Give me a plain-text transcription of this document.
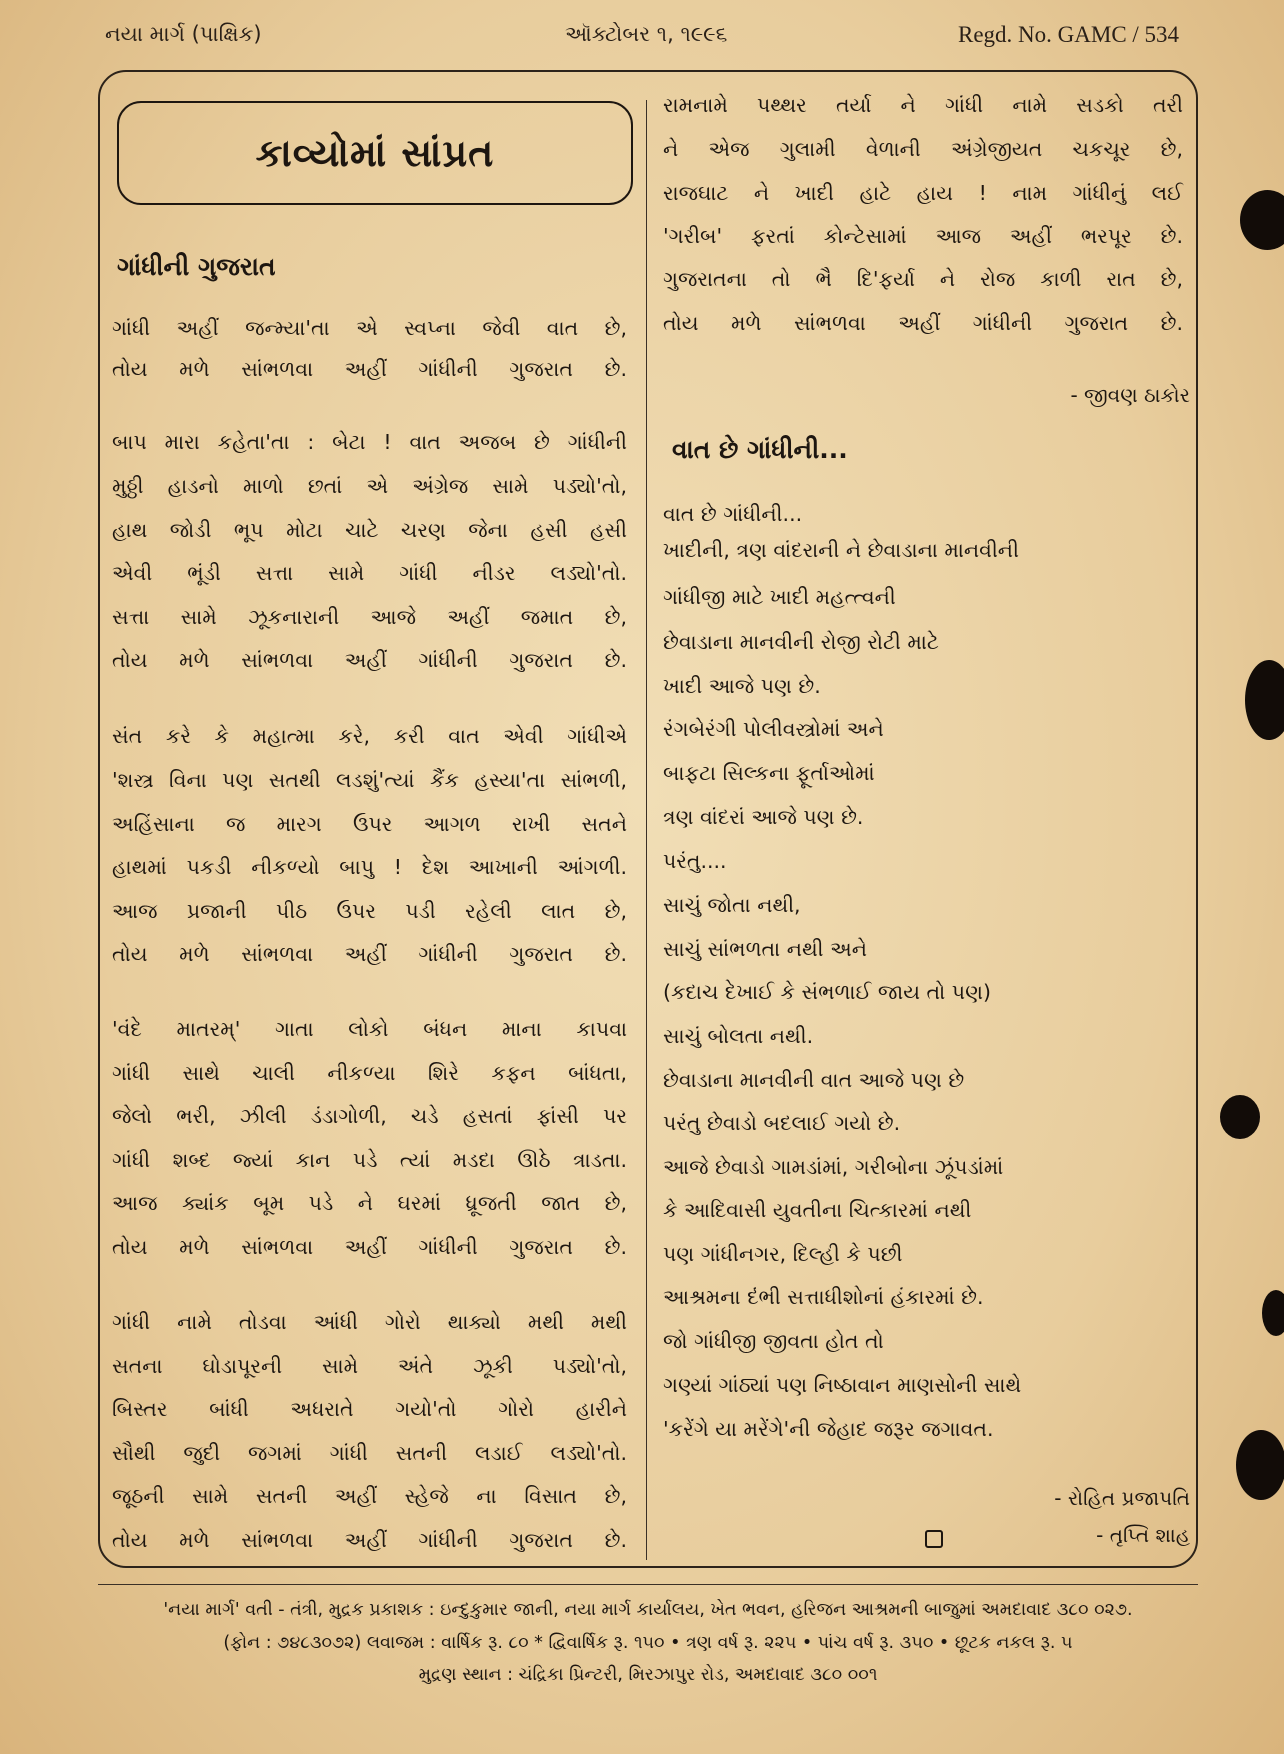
નયા માર્ગ (પાક્ષિક)	ઑક્ટોબર ૧, ૧૯૯૬	Regd. No. GAMC / 534
કાવ્યોમાં સાંપ્રત
ગાંધીની ગુજરાત
ગાંધી અહીં જન્મ્યા'તા એ સ્વપ્ના જેવી વાત છે,
તોય મળે સાંભળવા અહીં ગાંધીની ગુજરાત છે.
બાપ મારા કહેતા'તા : બેટા ! વાત અજબ છે ગાંધીની
મુઠ્ઠી હાડનો માળો છતાં એ અંગ્રેજ સામે પડ્યો'તો,
હાથ જોડી ભૂપ મોટા ચાટે ચરણ જેના હસી હસી
એવી ભૂંડી સત્તા સામે ગાંધી નીડર લડ્યો'તો.
સત્તા સામે ઝૂકનારાની આજે અહીં જમાત છે,
તોય મળે સાંભળવા અહીં ગાંધીની ગુજરાત છે.
સંત કરે કે મહાત્મા કરે, કરી વાત એવી ગાંધીએ
'શસ્ત્ર વિના પણ સતથી લડશું'ત્યાં કૈંક હસ્યા'તા સાંભળી,
અહિંસાના જ મારગ ઉપર આગળ રાખી સતને
હાથમાં પકડી નીકળ્યો બાપુ ! દેશ આખાની આંગળી.
આજ પ્રજાની પીઠ ઉપર પડી રહેલી લાત છે,
તોય મળે સાંભળવા અહીં ગાંધીની ગુજરાત છે.
'વંદે માતરમ્' ગાતા લોકો બંધન માના કાપવા
ગાંધી સાથે ચાલી નીકળ્યા શિરે કફન બાંધતા,
જેલો ભરી, ઝીલી ડંડાગોળી, ચડે હસતાં ફાંસી પર
ગાંધી શબ્દ જ્યાં કાન પડે ત્યાં મડદા ઊઠે ત્રાડતા.
આજ ક્યાંક બૂમ પડે ને ઘરમાં ધ્રૂજતી જાત છે,
તોય મળે સાંભળવા અહીં ગાંધીની ગુજરાત છે.
ગાંધી નામે તોડવા આંધી ગોરો થાક્યો મથી મથી
સતના ઘોડાપૂરની સામે અંતે ઝૂકી પડ્યો'તો,
બિસ્તર બાંધી અધરાતે ગયો'તો ગોરો હારીને
સૌથી જુદી જગમાં ગાંધી સતની લડાઈ લડ્યો'તો.
જૂઠની સામે સતની અહીં સ્હેજે ના વિસાત છે,
તોય મળે સાંભળવા અહીં ગાંધીની ગુજરાત છે.
રામનામે પથ્થર તર્યા ને ગાંધી નામે સડકો તરી
ને એજ ગુલામી વેળાની અંગ્રેજીયત ચકચૂર છે,
રાજઘાટ ને ખાદી હાટે હાય ! નામ ગાંધીનું લઈ
'ગરીબ' ફરતાં કોન્ટેસામાં આજ અહીં ભરપૂર છે.
ગુજરાતના તો ભૈ દિ'ફર્યા ને રોજ કાળી રાત છે,
તોય મળે સાંભળવા અહીં ગાંધીની ગુજરાત છે.
- જીવણ ઠાકોર
વાત છે ગાંધીની...
વાત છે ગાંધીની...
ખાદીની, ત્રણ વાંદરાની ને છેવાડાના માનવીની
ગાંધીજી માટે ખાદી મહત્ત્વની
છેવાડાના માનવીની રોજી રોટી માટે
ખાદી આજે પણ છે.
રંગબેરંગી પોલીવસ્ત્રોમાં અને
બાફટા સિલ્કના ફૂર્તાઓમાં
ત્રણ વાંદરાં આજે પણ છે.
પરંતુ....
સાચું જોતા નથી,
સાચું સાંભળતા નથી અને
(કદાચ દેખાઈ કે સંભળાઈ જાય તો પણ)
સાચું બોલતા નથી.
છેવાડાના માનવીની વાત આજે પણ છે
પરંતુ છેવાડો બદલાઈ ગયો છે.
આજે છેવાડો ગામડાંમાં, ગરીબોના ઝૂંપડાંમાં
કે આદિવાસી યુવતીના ચિત્કારમાં નથી
પણ ગાંધીનગર, દિલ્હી કે પછી
આશ્રમના દંભી સત્તાધીશોનાં હંકારમાં છે.
જો ગાંધીજી જીવતા હોત તો
ગણ્યાં ગાંઠ્યાં પણ નિષ્ઠાવાન માણસોની સાથે
'કરેંગે યા મરેંગે'ની જેહાદ જરૂર જગાવત.
- રોહિત પ્રજાપતિ
- તૃપ્તિ શાહ
'નયા માર્ગ' વતી - તંત્રી, મુદ્રક પ્રકાશક : ઇન્દુકુમાર જાની, નયા માર્ગ કાર્યાલય, ખેત ભવન, હરિજન આશ્રમની બાજુમાં અમદાવાદ ૩૮૦ ૦૨૭.
(ફોન : ૭૪૮૩૦૭૨) લવાજમ : વાર્ષિક રૂ. ૮૦ * દ્વિવાર્ષિક રૂ. ૧૫૦ • ત્રણ વર્ષ રૂ. ૨૨૫ • પાંચ વર્ષ રૂ. ૩૫૦ • છૂટક નકલ રૂ. ૫
મુદ્રણ સ્થાન : ચંદ્રિકા પ્રિન્ટરી, મિરઝાપુર રોડ, અમદાવાદ ૩૮૦ ૦૦૧
